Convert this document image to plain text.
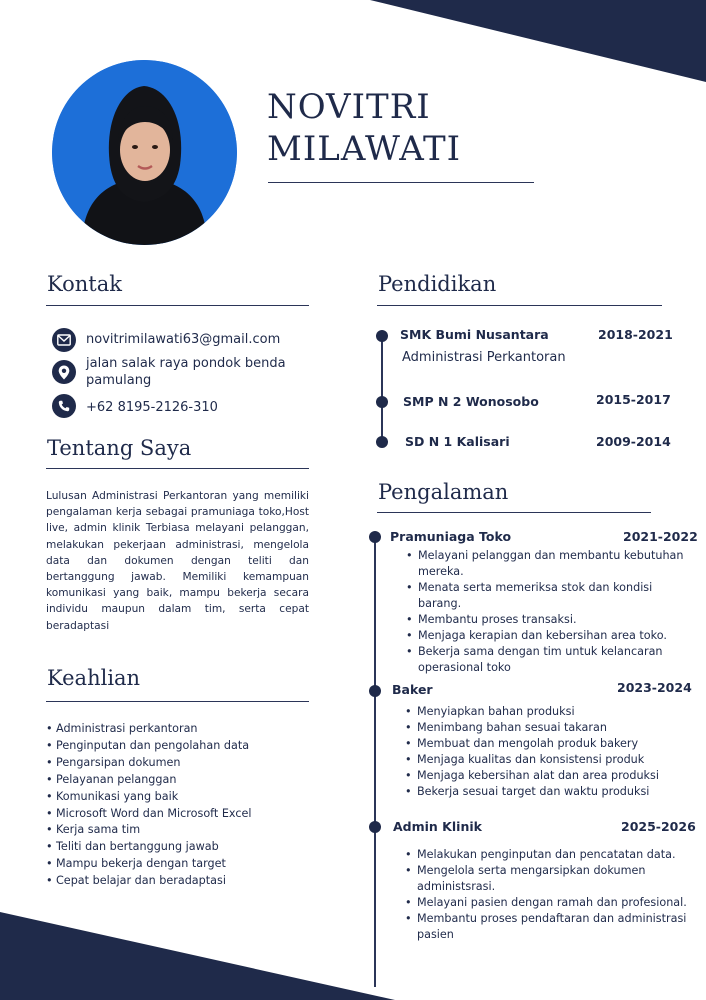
NOVITRI
MILAWATI
Kontak
novitrimilawati63@gmail.com
jalan salak raya pondok benda pamulang
+62 8195-2126-310
Tentang Saya

Lulusan Administrasi Perkantoran yang memiliki pengalaman kerja sebagai pramuniaga toko,Host live, admin klinik Terbiasa melayani pelanggan, melakukan pekerjaan administrasi, mengelola data dan dokumen dengan teliti dan bertanggung jawab. Memiliki kemampuan komunikasi yang baik, mampu bekerja secara individu maupun dalam tim, serta cepat beradaptasi

Keahlian
• Administrasi perkantoran
• Penginputan dan pengolahan data
• Pengarsipan dokumen
• Pelayanan pelanggan
• Komunikasi yang baik
• Microsoft Word dan Microsoft Excel
• Kerja sama tim
• Teliti dan bertanggung jawab
• Mampu bekerja dengan target
• Cepat belajar dan beradaptasi
Pendidikan
SMK Bumi Nusantara	2018-2021
Administrasi Perkantoran
SMP N 2 Wonosobo	2015-2017
SD N 1 Kalisari	2009-2014
Pengalaman
Pramuniaga Toko	2021-2022
• Melayani pelanggan dan membantu kebutuhan mereka.
• Menata serta memeriksa stok dan kondisi barang.
• Membantu proses transaksi.
• Menjaga kerapian dan kebersihan area toko.
• Bekerja sama dengan tim untuk kelancaran operasional toko
Baker	2023-2024
• Menyiapkan bahan produksi
• Menimbang bahan sesuai takaran
• Membuat dan mengolah produk bakery
• Menjaga kualitas dan konsistensi produk
• Menjaga kebersihan alat dan area produksi
• Bekerja sesuai target dan waktu produksi
Admin Klinik	2025-2026
• Melakukan penginputan dan pencatatan data.
• Mengelola serta mengarsipkan dokumen administsrasi.
• Melayani pasien dengan ramah dan profesional.
• Membantu proses pendaftaran dan administrasi pasien
